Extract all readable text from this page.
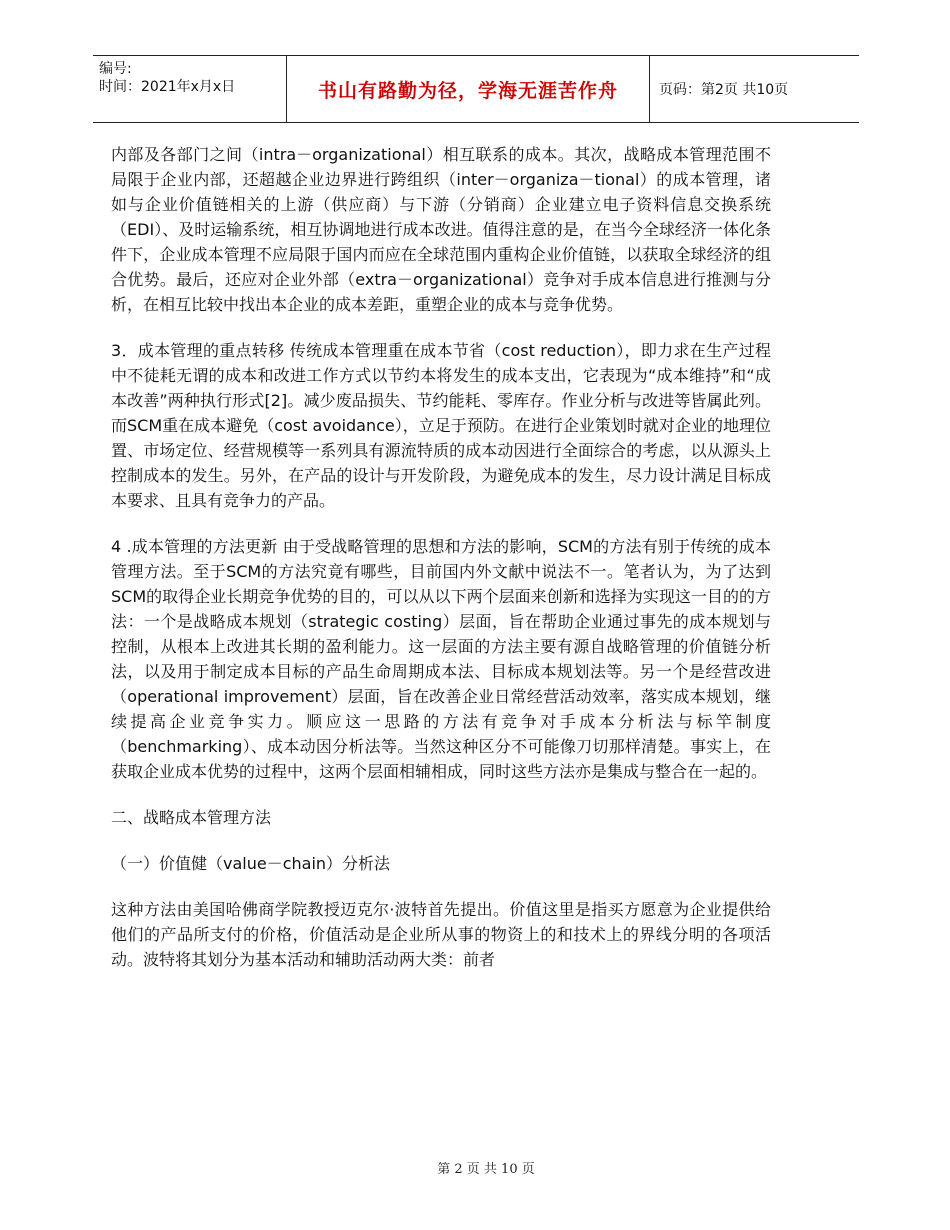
编号:
时间：2021年x月x日	书山有路勤为径，学海无涯苦作舟	页码：第2页 共10页

内部及各部门之间（intra－organizational）相互联系的成本。其次，战略成本管理范围不局限于企业内部，还超越企业边界进行跨组织（inter－organiza－tional）的成本管理，诸如与企业价值链相关的上游（供应商）与下游（分销商）企业建立电子资料信息交换系统（EDI）、及时运输系统，相互协调地进行成本改进。值得注意的是，在当今全球经济一体化条件下，企业成本管理不应局限于国内而应在全球范围内重构企业价值链，以获取全球经济的组合优势。最后，还应对企业外部（extra－organizational）竞争对手成本信息进行推测与分析，在相互比较中找出本企业的成本差距，重塑企业的成本与竞争优势。

3．成本管理的重点转移 传统成本管理重在成本节省（cost reduction），即力求在生产过程中不徒耗无谓的成本和改进工作方式以节约本将发生的成本支出，它表现为“成本维持”和“成本改善”两种执行形式[2]。减少废品损失、节约能耗、零库存。作业分析与改进等皆属此列。而SCM重在成本避免（cost avoidance），立足于预防。在进行企业策划时就对企业的地理位置、市场定位、经营规模等一系列具有源流特质的成本动因进行全面综合的考虑，以从源头上控制成本的发生。另外，在产品的设计与开发阶段，为避免成本的发生，尽力设计满足目标成本要求、且具有竞争力的产品。

4 .成本管理的方法更新 由于受战略管理的思想和方法的影响，SCM的方法有别于传统的成本管理方法。至于SCM的方法究竟有哪些，目前国内外文献中说法不一。笔者认为，为了达到SCM的取得企业长期竞争优势的目的，可以从以下两个层面来创新和选择为实现这一目的的方法：一个是战略成本规划（strategic costing）层面，旨在帮助企业通过事先的成本规划与控制，从根本上改进其长期的盈利能力。这一层面的方法主要有源自战略管理的价值链分析法，以及用于制定成本目标的产品生命周期成本法、目标成本规划法等。另一个是经营改进（operational improvement）层面，旨在改善企业日常经营活动效率，落实成本规划，继续提高企业竞争实力。顺应这一思路的方法有竞争对手成本分析法与标竿制度（benchmarking）、成本动因分析法等。当然这种区分不可能像刀切那样清楚。事实上，在获取企业成本优势的过程中，这两个层面相辅相成，同时这些方法亦是集成与整合在一起的。

二、战略成本管理方法

（一）价值健（value－chain）分析法

这种方法由美国哈佛商学院教授迈克尔·波特首先提出。价值这里是指买方愿意为企业提供给他们的产品所支付的价格，价值活动是企业所从事的物资上的和技术上的界线分明的各项活动。波特将其划分为基本活动和辅助活动两大类：前者

第 2 页 共 10 页
